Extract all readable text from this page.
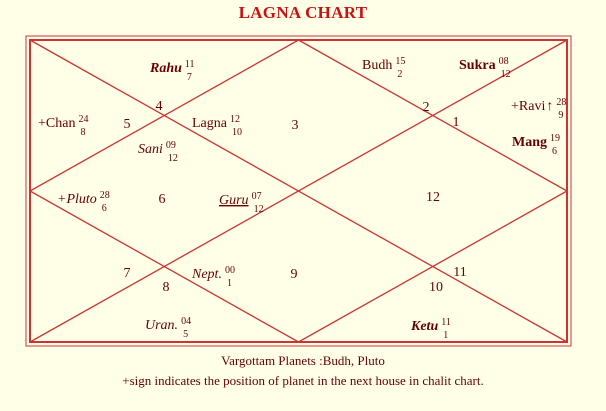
LAGNA CHART
4
5	3
2
1
6	12
7
8
9	11
10
Rahu 11
7
+Chan 24
8
Lagna 12
10
Sani 09
12
Budh 15
2
Sukra 08
12
+Ravi ↑ 28
9
Mang 19
6
+Pluto 28
6
Guru 07
12
Nept. 00
1
Uran. 04
5
Ketu 11
1
Vargottam Planets :Budh, Pluto
+sign indicates the position of planet in the next house in chalit chart.
